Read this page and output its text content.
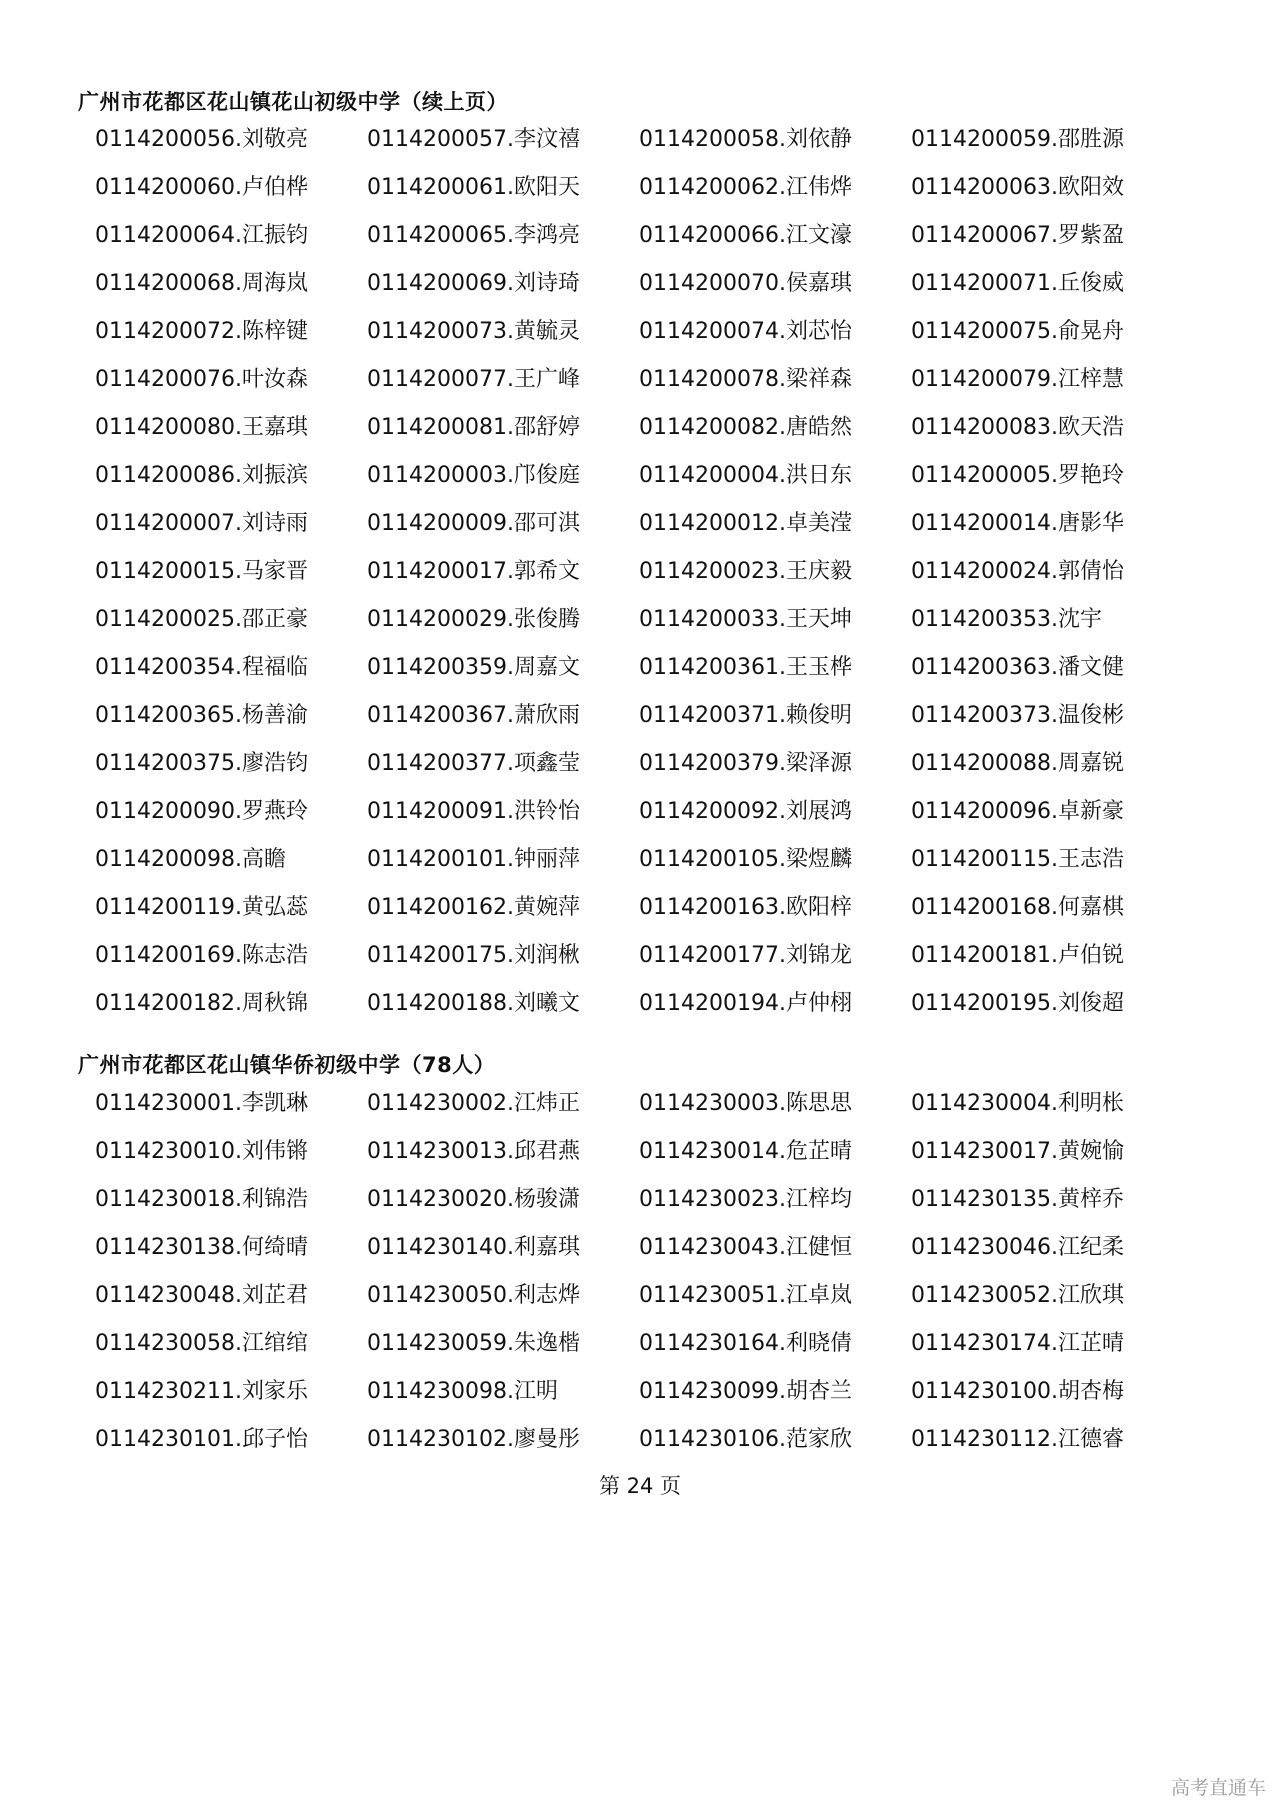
广州市花都区花山镇花山初级中学（续上页）
0114200056.刘敬亮	0114200057.李汶禧	0114200058.刘依静	0114200059.邵胜源
0114200060.卢伯桦	0114200061.欧阳天	0114200062.江伟烨	0114200063.欧阳效
0114200064.江振钧	0114200065.李鸿亮	0114200066.江文濠	0114200067.罗紫盈
0114200068.周海岚	0114200069.刘诗琦	0114200070.侯嘉琪	0114200071.丘俊威
0114200072.陈梓键	0114200073.黄毓灵	0114200074.刘芯怡	0114200075.俞晃舟
0114200076.叶汝森	0114200077.王广峰	0114200078.梁祥森	0114200079.江梓慧
0114200080.王嘉琪	0114200081.邵舒婷	0114200082.唐皓然	0114200083.欧天浩
0114200086.刘振滨	0114200003.邝俊庭	0114200004.洪日东	0114200005.罗艳玲
0114200007.刘诗雨	0114200009.邵可淇	0114200012.卓美滢	0114200014.唐影华
0114200015.马家晋	0114200017.郭希文	0114200023.王庆毅	0114200024.郭倩怡
0114200025.邵正豪	0114200029.张俊腾	0114200033.王天坤	0114200353.沈宇
0114200354.程福临	0114200359.周嘉文	0114200361.王玉桦	0114200363.潘文健
0114200365.杨善渝	0114200367.萧欣雨	0114200371.赖俊明	0114200373.温俊彬
0114200375.廖浩钧	0114200377.项鑫莹	0114200379.梁泽源	0114200088.周嘉锐
0114200090.罗燕玲	0114200091.洪铃怡	0114200092.刘展鸿	0114200096.卓新豪
0114200098.高瞻	0114200101.钟丽萍	0114200105.梁煜麟	0114200115.王志浩
0114200119.黄弘蕊	0114200162.黄婉萍	0114200163.欧阳梓	0114200168.何嘉棋
0114200169.陈志浩	0114200175.刘润楸	0114200177.刘锦龙	0114200181.卢伯锐
0114200182.周秋锦	0114200188.刘曦文	0114200194.卢仲栩	0114200195.刘俊超
广州市花都区花山镇华侨初级中学（78人）
0114230001.李凯琳	0114230002.江炜正	0114230003.陈思思	0114230004.利明枨
0114230010.刘伟锵	0114230013.邱君燕	0114230014.危芷晴	0114230017.黄婉愉
0114230018.利锦浩	0114230020.杨骏潇	0114230023.江梓均	0114230135.黄梓乔
0114230138.何绮晴	0114230140.利嘉琪	0114230043.江健恒	0114230046.江纪柔
0114230048.刘芷君	0114230050.利志烨	0114230051.江卓岚	0114230052.江欣琪
0114230058.江绾绾	0114230059.朱逸楷	0114230164.利晓倩	0114230174.江芷晴
0114230211.刘家乐	0114230098.江明	0114230099.胡杏兰	0114230100.胡杏梅
0114230101.邱子怡	0114230102.廖曼彤	0114230106.范家欣	0114230112.江德睿
第 24 页
高考直通车
